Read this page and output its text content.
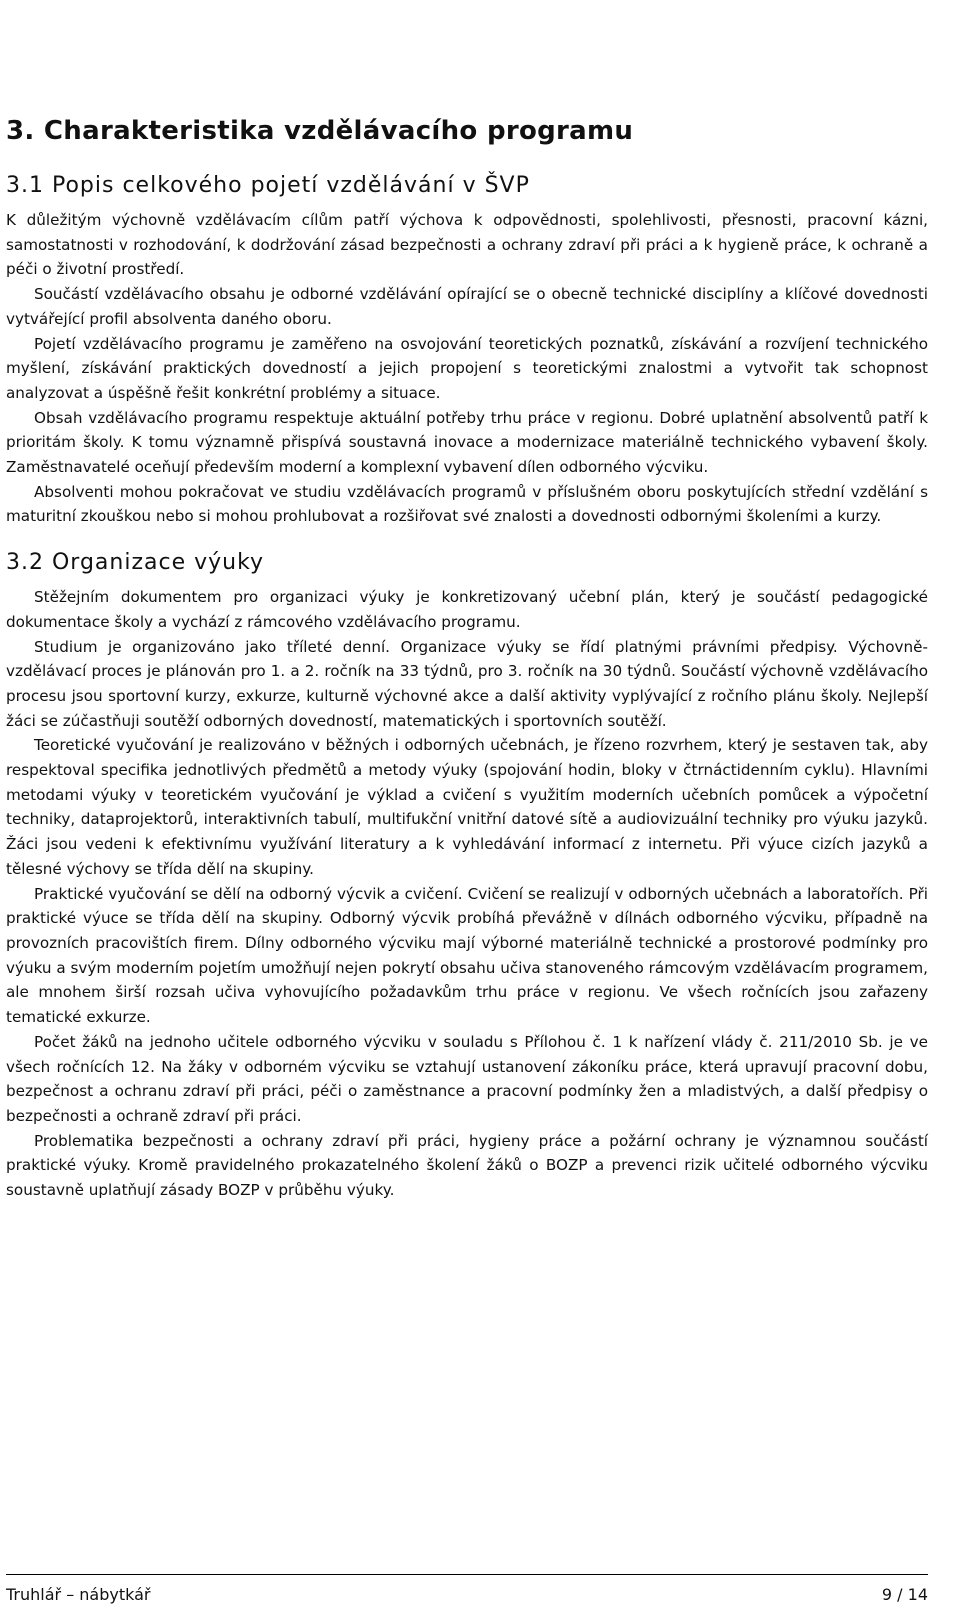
Vyšší odborná škola a Střední odborná škola technická Česká Třebová
33-56-H/01 Truhlář, ŠVP Truhlář - nábytkář, verze 1
3. Charakteristika vzdělávacího programu
3.1 Popis celkového pojetí vzdělávání v ŠVP

K důležitým výchovně vzdělávacím cílům patří výchova k odpovědnosti, spolehlivosti, přesnosti, pracovní kázni, samostatnosti v rozhodování, k dodržování zásad bezpečnosti a ochrany zdraví při práci a k hygieně práce, k ochraně a péči o životní prostředí.

Součástí vzdělávacího obsahu je odborné vzdělávání opírající se o obecně technické disciplíny a klíčové dovednosti vytvářející profil absolventa daného oboru.

Pojetí vzdělávacího programu je zaměřeno na osvojování teoretických poznatků, získávání a rozvíjení technického myšlení, získávání praktických dovedností a jejich propojení s teoretickými znalostmi a vytvořit tak schopnost analyzovat a úspěšně řešit konkrétní problémy a situace.

Obsah vzdělávacího programu respektuje aktuální potřeby trhu práce v regionu. Dobré uplatnění absolventů patří k prioritám školy. K tomu významně přispívá soustavná inovace a modernizace materiálně technického vybavení školy. Zaměstnavatelé oceňují především moderní a komplexní vybavení dílen odborného výcviku.

Absolventi mohou pokračovat ve studiu vzdělávacích programů v příslušném oboru poskytujících střední vzdělání s maturitní zkouškou nebo si mohou prohlubovat a rozšiřovat své znalosti a dovednosti odbornými školeními a kurzy.

3.2 Organizace výuky

Stěžejním dokumentem pro organizaci výuky je konkretizovaný učební plán, který je součástí pedagogické dokumentace školy a vychází z rámcového vzdělávacího programu.

Studium je organizováno jako tříleté denní. Organizace výuky se řídí platnými právními předpisy. Výchovně-vzdělávací proces je plánován pro 1. a 2. ročník na 33 týdnů, pro 3. ročník na 30 týdnů. Součástí výchovně vzdělávacího procesu jsou sportovní kurzy, exkurze, kulturně výchovné akce a další aktivity vyplývající z ročního plánu školy. Nejlepší žáci se zúčastňuji soutěží odborných dovedností, matematických i sportovních soutěží.

Teoretické vyučování je realizováno v běžných i odborných učebnách, je řízeno rozvrhem, který je sestaven tak, aby respektoval specifika jednotlivých předmětů a metody výuky (spojování hodin, bloky v čtrnáctidenním cyklu). Hlavními metodami výuky v teoretickém vyučování je výklad a cvičení s využitím moderních učebních pomůcek a výpočetní techniky, dataprojektorů, interaktivních tabulí, multifukční vnitřní datové sítě a audiovizuální techniky pro výuku jazyků. Žáci jsou vedeni k efektivnímu využívání literatury a k vyhledávání informací z internetu. Při výuce cizích jazyků a tělesné výchovy se třída dělí na skupiny.

Praktické vyučování se dělí na odborný výcvik a cvičení. Cvičení se realizují v odborných učebnách a laboratořích. Při praktické výuce se třída dělí na skupiny. Odborný výcvik probíhá převážně v dílnách odborného výcviku, případně na provozních pracovištích firem. Dílny odborného výcviku mají výborné materiálně technické a prostorové podmínky pro výuku a svým moderním pojetím umožňují nejen pokrytí obsahu učiva stanoveného rámcovým vzdělávacím programem, ale mnohem širší rozsah učiva vyhovujícího požadavkům trhu práce v regionu. Ve všech ročnících jsou zařazeny tematické exkurze.

Počet žáků na jednoho učitele odborného výcviku v souladu s Přílohou č. 1 k nařízení vlády č. 211/2010 Sb. je ve všech ročnících 12. Na žáky v odborném výcviku se vztahují ustanovení zákoníku práce, která upravují pracovní dobu, bezpečnost a ochranu zdraví při práci, péči o zaměstnance a pracovní podmínky žen a mladistvých, a další předpisy o bezpečnosti a ochraně zdraví při práci.

Problematika bezpečnosti a ochrany zdraví při práci, hygieny práce a požární ochrany je významnou součástí praktické výuky. Kromě pravidelného prokazatelného školení žáků o BOZP a prevenci rizik učitelé odborného výcviku soustavně uplatňují zásady BOZP v průběhu výuky.

Truhlář – nábytkář	9 / 14
